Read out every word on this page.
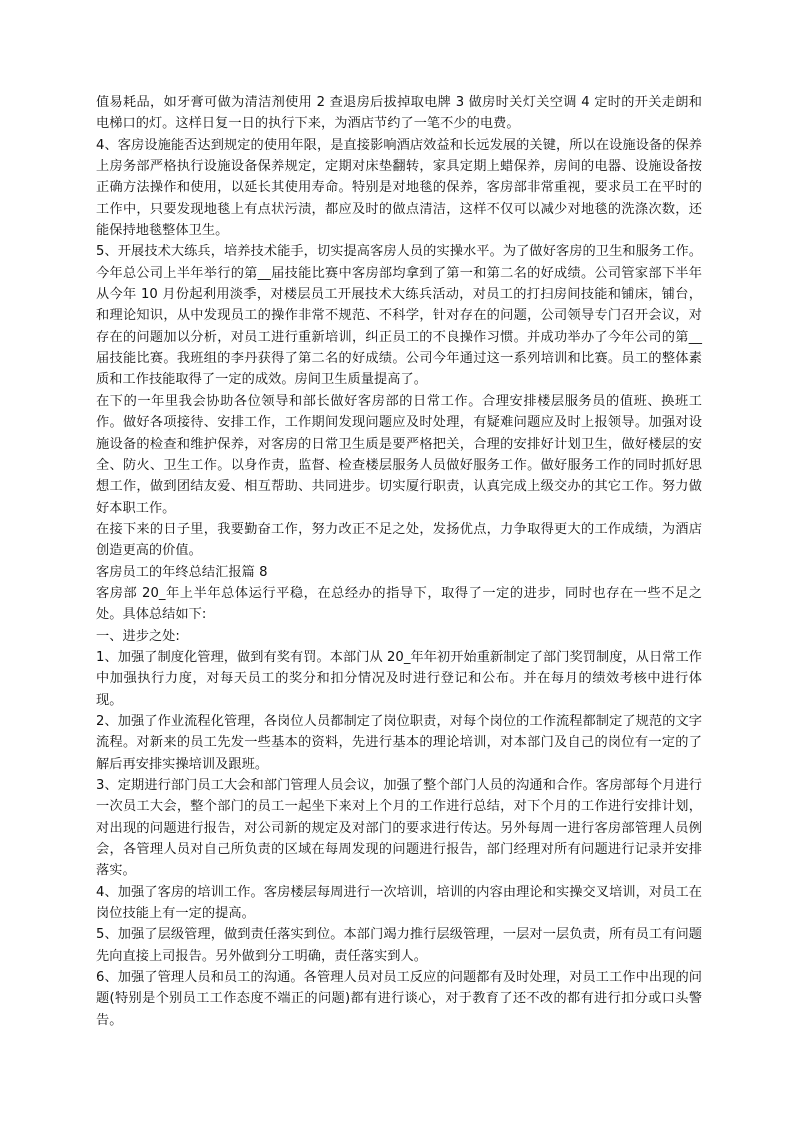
值易耗品，如牙膏可做为清洁剂使用 2 查退房后拔掉取电牌 3 做房时关灯关空调 4 定时的开关走朗和电梯口的灯。这样日复一日的执行下来，为酒店节约了一笔不少的电费。

4、客房设施能否达到规定的使用年限，是直接影响酒店效益和长远发展的关键，所以在设施设备的保养上房务部严格执行设施设备保养规定，定期对床垫翻转，家具定期上蜡保养，房间的电器、设施设备按正确方法操作和使用，以延长其使用寿命。特别是对地毯的保养，客房部非常重视，要求员工在平时的工作中，只要发现地毯上有点状污渍，都应及时的做点清洁，这样不仅可以减少对地毯的洗涤次数，还能保持地毯整体卫生。

5、开展技术大练兵，培养技术能手，切实提高客房人员的实操水平。为了做好客房的卫生和服务工作。今年总公司上半年举行的第__届技能比赛中客房部均拿到了第一和第二名的好成绩。公司管家部下半年从今年 10 月份起利用淡季，对楼层员工开展技术大练兵活动，对员工的打扫房间技能和铺床，铺台，和理论知识，从中发现员工的操作非常不规范、不科学，针对存在的问题，公司领导专门召开会议，对存在的问题加以分析，对员工进行重新培训，纠正员工的不良操作习惯。并成功举办了今年公司的第__届技能比赛。我班组的李丹获得了第二名的好成绩。公司今年通过这一系列培训和比赛。员工的整体素质和工作技能取得了一定的成效。房间卫生质量提高了。

在下的一年里我会协助各位领导和部长做好客房部的日常工作。合理安排楼层服务员的值班、换班工作。做好各项接待、安排工作，工作期间发现问题应及时处理，有疑难问题应及时上报领导。加强对设施设备的检查和维护保养，对客房的日常卫生质是要严格把关，合理的安排好计划卫生，做好楼层的安全、防火、卫生工作。以身作责，监督、检查楼层服务人员做好服务工作。做好服务工作的同时抓好思想工作，做到团结友爱、相互帮助、共同进步。切实厦行职责，认真完成上级交办的其它工作。努力做好本职工作。

在接下来的日子里，我要勤奋工作，努力改正不足之处，发扬优点，力争取得更大的工作成绩，为酒店创造更高的价值。

客房员工的年终总结汇报篇 8

客房部 20_年上半年总体运行平稳，在总经办的指导下，取得了一定的进步，同时也存在一些不足之处。具体总结如下:

一、进步之处:

1、加强了制度化管理，做到有奖有罚。本部门从 20_年年初开始重新制定了部门奖罚制度，从日常工作中加强执行力度，对每天员工的奖分和扣分情况及时进行登记和公布。并在每月的绩效考核中进行体现。

2、加强了作业流程化管理，各岗位人员都制定了岗位职责，对每个岗位的工作流程都制定了规范的文字流程。对新来的员工先发一些基本的资料，先进行基本的理论培训，对本部门及自己的岗位有一定的了解后再安排实操培训及跟班。

3、定期进行部门员工大会和部门管理人员会议，加强了整个部门人员的沟通和合作。客房部每个月进行一次员工大会，整个部门的员工一起坐下来对上个月的工作进行总结，对下个月的工作进行安排计划，对出现的问题进行报告，对公司新的规定及对部门的要求进行传达。另外每周一进行客房部管理人员例会，各管理人员对自己所负责的区域在每周发现的问题进行报告，部门经理对所有问题进行记录并安排落实。

4、加强了客房的培训工作。客房楼层每周进行一次培训，培训的内容由理论和实操交叉培训，对员工在岗位技能上有一定的提高。

5、加强了层级管理，做到责任落实到位。本部门竭力推行层级管理，一层对一层负责，所有员工有问题先向直接上司报告。另外做到分工明确，责任落实到人。

6、加强了管理人员和员工的沟通。各管理人员对员工反应的问题都有及时处理，对员工工作中出现的问题(特别是个别员工工作态度不端正的问题)都有进行谈心，对于教育了还不改的都有进行扣分或口头警告。
